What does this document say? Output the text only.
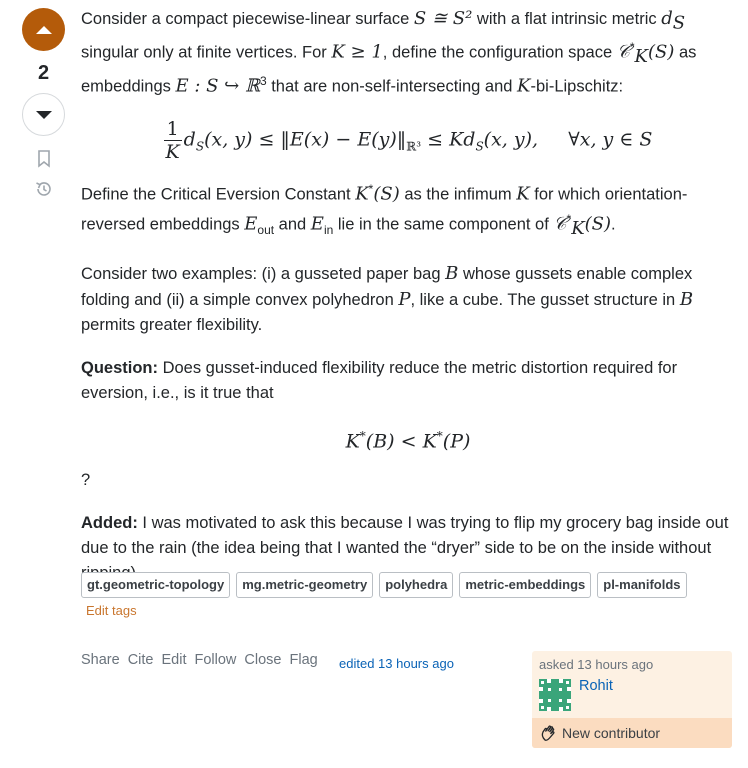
2

Consider a compact piecewise-linear surface S ≅ S² with a flat intrinsic metric $d_S$
singular only at finite vertices. For K ≥ 1, define the configuration space 𝒞*$_K$(S) as
embeddings E : S ↪ ℝ$^3$ that are non-self-intersecting and K-bi-Lipschitz:

$\frac{1}{K} d_S(x$, y) ≤ ‖E(x) − $E(y)‖_{ℝ^3} \le Kd_S(x$, y),     ∀x, y ∈ S

Define the Critical Eversion Constant K*(S) as the infimum K for which orientation-
reversed embeddings $E_{out}$ and $E_{in}$ lie in the same component of 𝒞*$_K$(S).

Consider two examples: (i) a gusseted paper bag B whose gussets enable complex
folding and (ii) a simple convex polyhedron P, like a cube. The gusset structure in B
permits greater flexibility.

Question: Does gusset-induced flexibility reduce the metric distortion required for
eversion, i.e., is it true that

K*(B) < K*(P)

?

Added: I was motivated to ask this because I was trying to flip my grocery bag inside out
due to the rain (the idea being that I wanted the “dryer” side to be on the inside without

gt.geometric-topology	mg.metric-geometry	polyhedra	metric-embeddings	pl-manifolds
Edit tags
Share Cite Edit Follow Close Flag edited 13 hours ago	asked 13 hours ago
Rohit
New contributor
